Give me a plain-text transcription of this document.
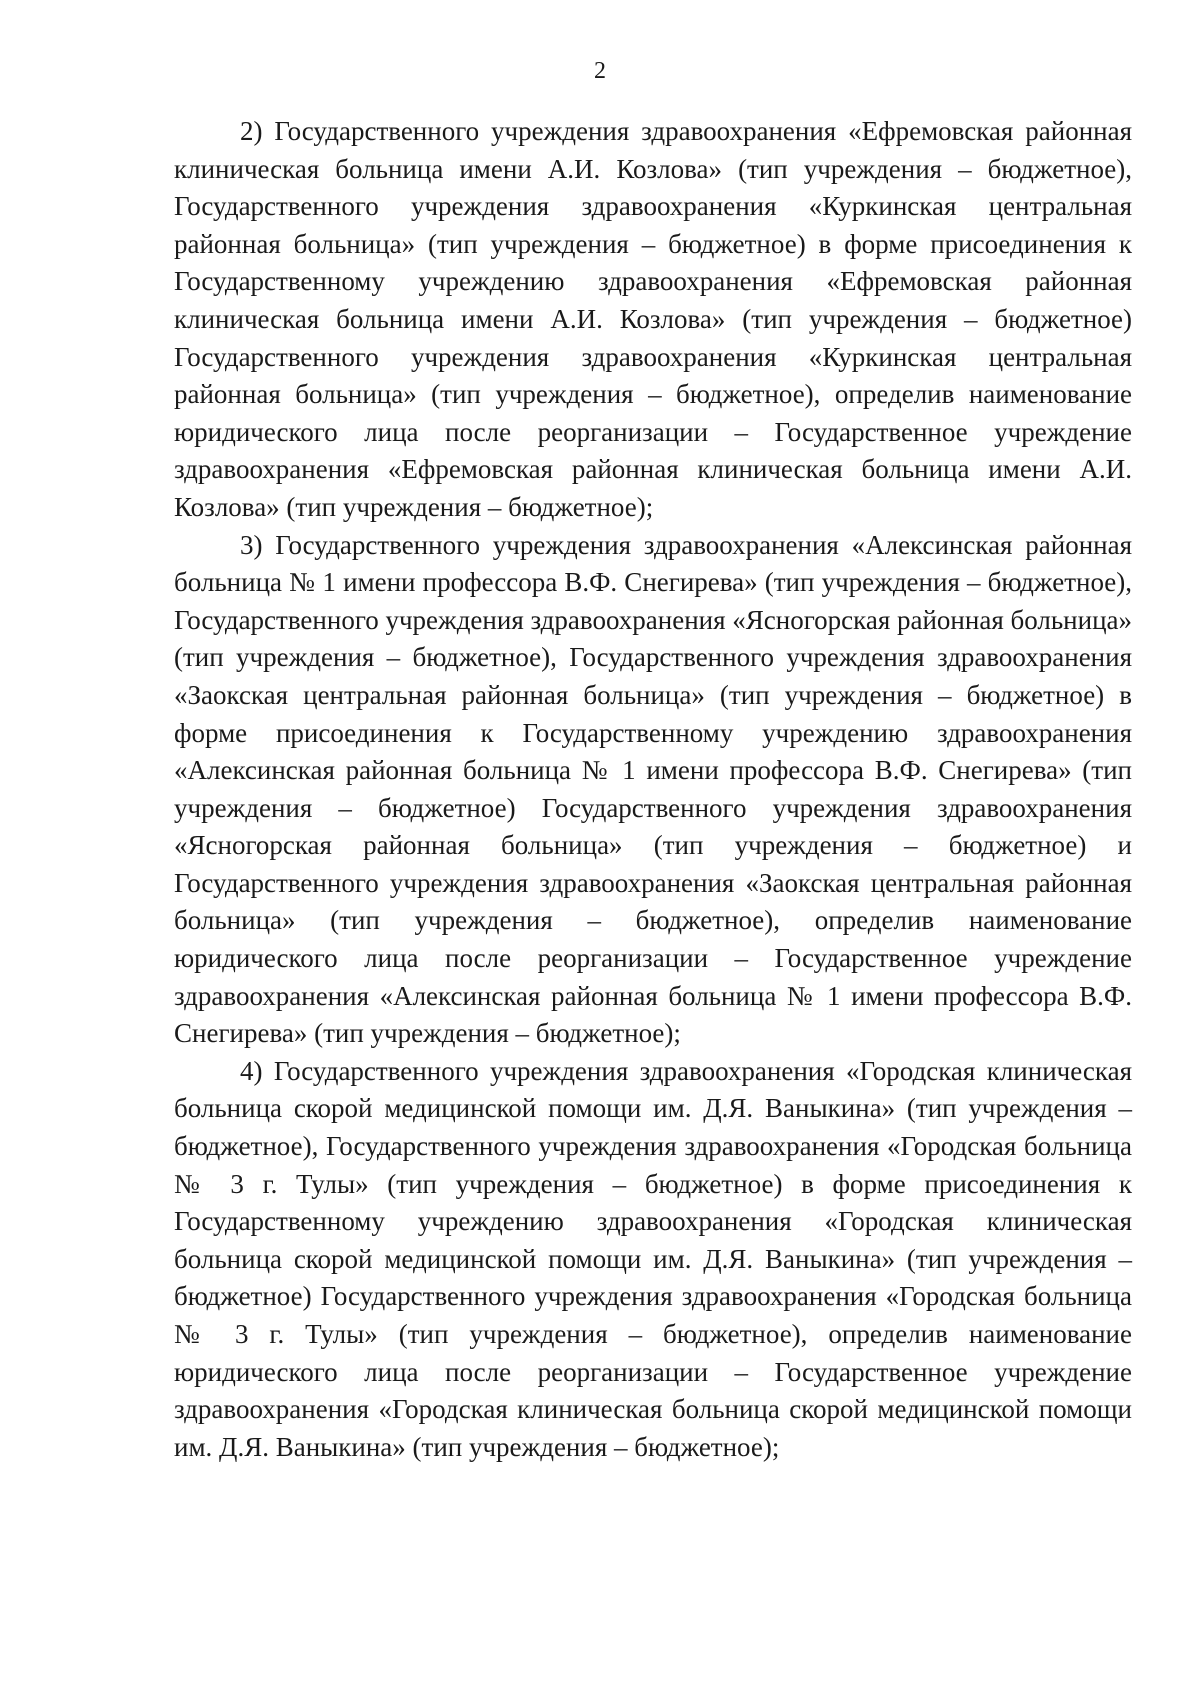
2

2) Государственного учреждения здравоохранения «Ефремовская районная клиническая больница имени А.И. Козлова» (тип учреждения – бюджетное), Государственного учреждения здравоохранения «Куркинская центральная районная больница» (тип учреждения – бюджетное) в форме присоединения к Государственному учреждению здравоохранения «Ефремовская районная клиническая больница имени А.И. Козлова» (тип учреждения – бюджетное) Государственного учреждения здравоохранения «Куркинская центральная районная больница» (тип учреждения – бюджетное), определив наименование юридического лица после реорганизации – Государственное учреждение здравоохранения «Ефремовская районная клиническая больница имени А.И. Козлова» (тип учреждения – бюджетное);

3) Государственного учреждения здравоохранения «Алексинская районная больница № 1 имени профессора В.Ф. Снегирева» (тип учреждения – бюджетное), Государственного учреждения здравоохранения «Ясногорская районная больница» (тип учреждения – бюджетное), Государственного учреждения здравоохранения «Заокская центральная районная больница» (тип учреждения – бюджетное) в форме присоединения к Государственному учреждению здравоохранения «Алексинская районная больница № 1 имени профессора В.Ф. Снегирева» (тип учреждения – бюджетное) Государственного учреждения здравоохранения «Ясногорская районная больница» (тип учреждения – бюджетное) и Государственного учреждения здравоохранения «Заокская центральная районная больница» (тип учреждения – бюджетное), определив наименование юридического лица после реорганизации – Государственное учреждение здравоохранения «Алексинская районная больница № 1 имени профессора В.Ф. Снегирева» (тип учреждения – бюджетное);

4) Государственного учреждения здравоохранения «Городская клиническая больница скорой медицинской помощи им. Д.Я. Ваныкина» (тип учреждения – бюджетное), Государственного учреждения здравоохранения «Городская больница № 3 г. Тулы» (тип учреждения – бюджетное) в форме присоединения к Государственному учреждению здравоохранения «Городская клиническая больница скорой медицинской помощи им. Д.Я. Ваныкина» (тип учреждения – бюджетное) Государственного учреждения здравоохранения «Городская больница № 3 г. Тулы» (тип учреждения – бюджетное), определив наименование юридического лица после реорганизации – Государственное учреждение здравоохранения «Городская клиническая больница скорой медицинской помощи им. Д.Я. Ваныкина» (тип учреждения – бюджетное);
